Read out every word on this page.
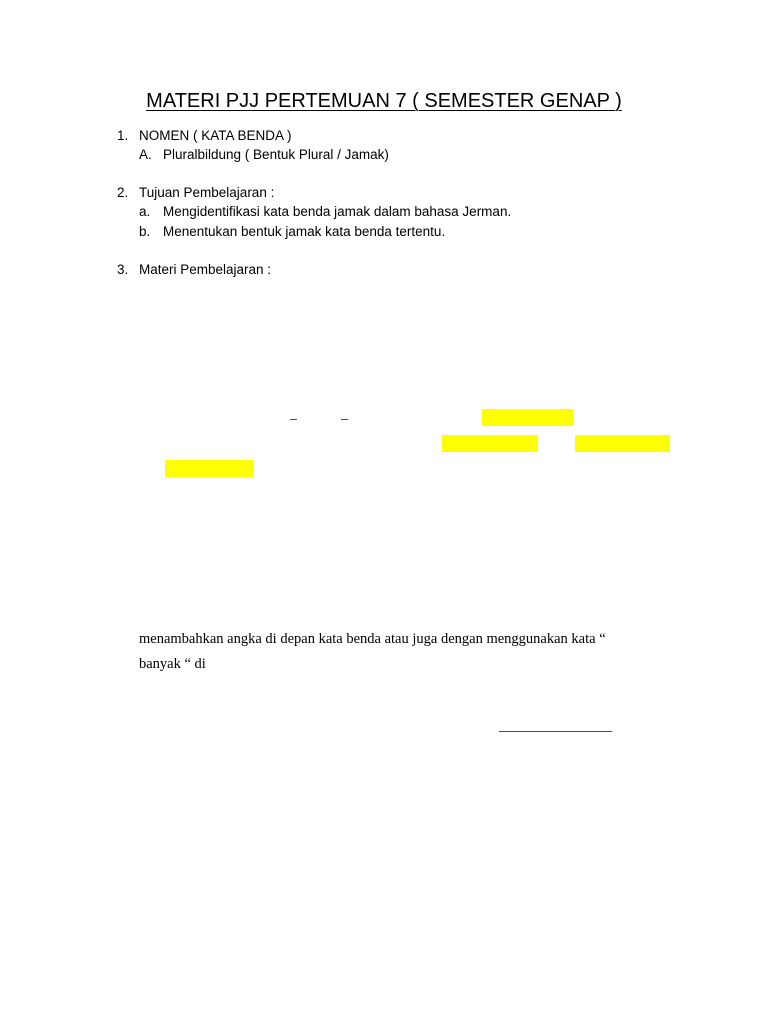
MATERI PJJ PERTEMUAN 7 ( SEMESTER GENAP )
1. NOMEN ( KATA BENDA )
A. Pluralbildung ( Bentuk Plural / Jamak)
2. Tujuan Pembelajaran :
a. Mengidentifikasi kata benda jamak dalam bahasa Jerman.
b. Menentukan bentuk jamak kata benda tertentu.
3. Materi Pembelajaran :
menambahkan angka di depan kata benda atau juga dengan menggunakan kata “
banyak “ di
